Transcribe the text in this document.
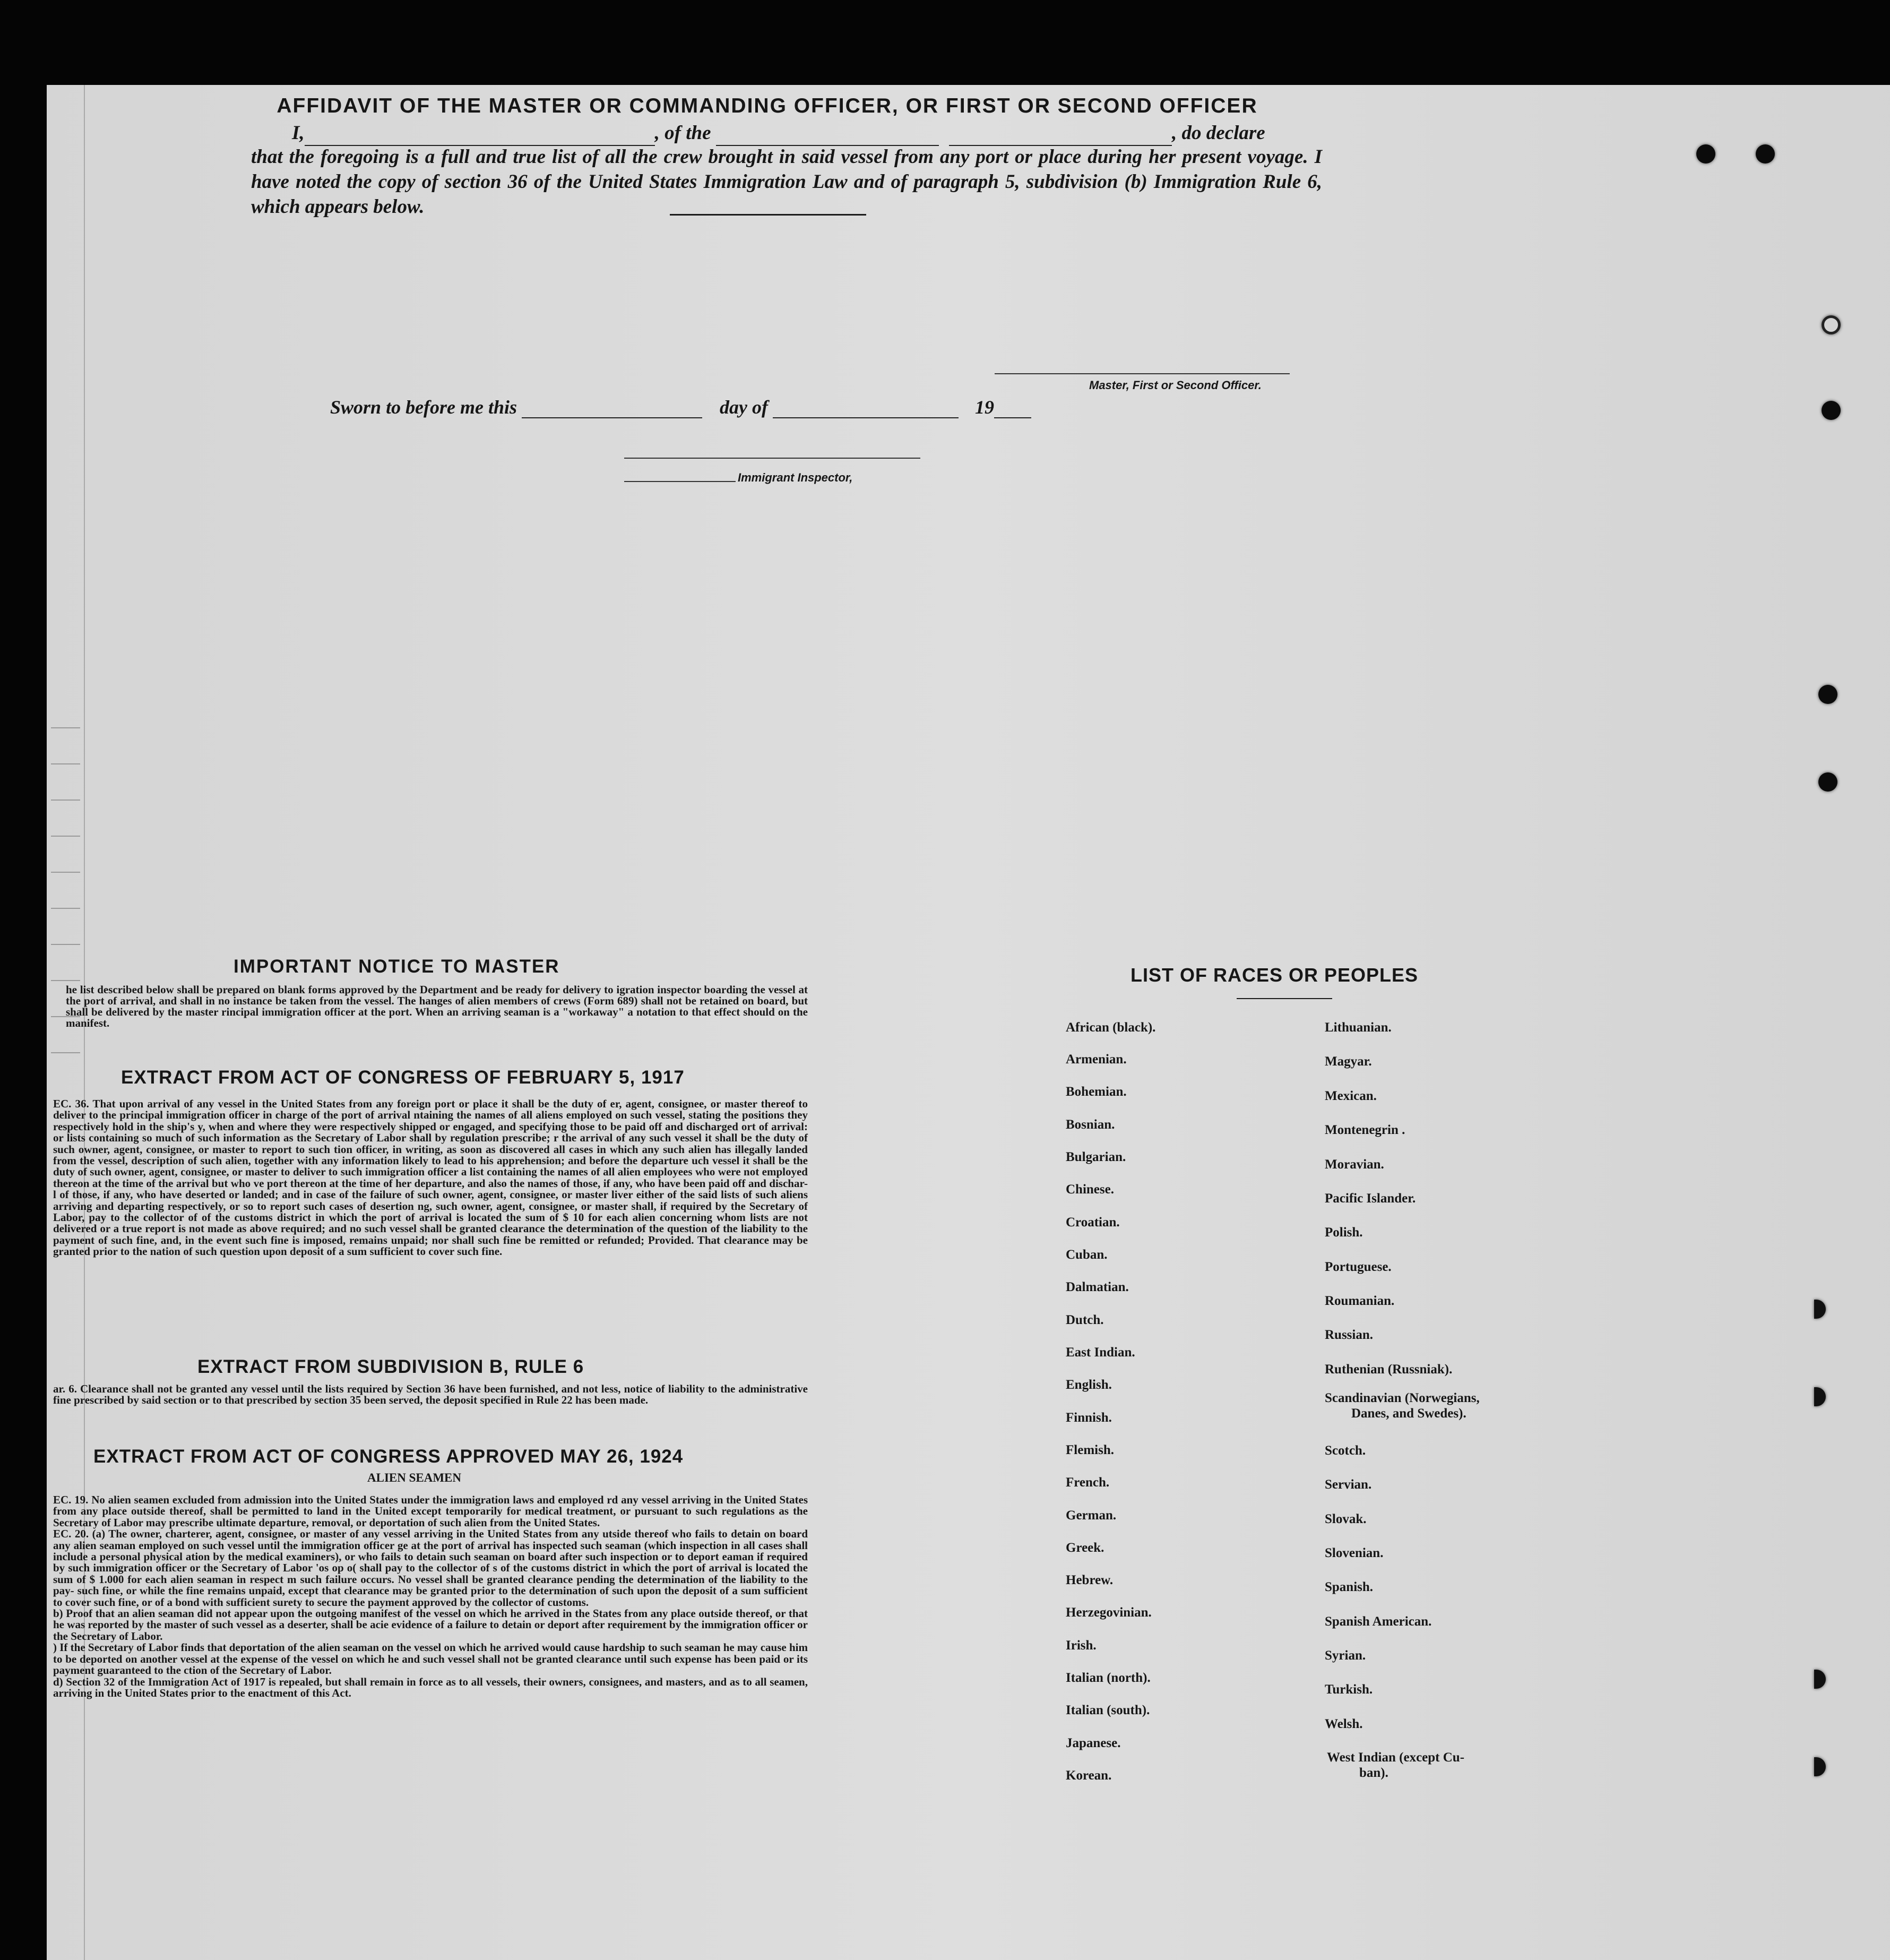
AFFIDAVIT OF THE MASTER OR COMMANDING OFFICER, OR FIRST OR SECOND OFFICER
I,	, of the	, do declare
that the foregoing is a full and true list of all the crew brought in said vessel from any port or place during her present voyage. I have noted the copy of section 36 of the United States Immigration Law and of paragraph 5, subdivision (b) Immigration Rule 6, which appears below.
Master, First or Second Officer.
Sworn to before me this	day of	19
Immigrant Inspector,
IMPORTANT NOTICE TO MASTER
he list described below shall be prepared on blank forms approved by the Department and be ready for delivery to igration inspector boarding the vessel at the port of arrival, and shall in no instance be taken from the vessel. The hanges of alien members of crews (Form 689) shall not be retained on board, but shall be delivered by the master rincipal immigration officer at the port. When an arriving seaman is a "workaway" a notation to that effect should on the manifest.
EXTRACT FROM ACT OF CONGRESS OF FEBRUARY 5, 1917
EC. 36. That upon arrival of any vessel in the United States from any foreign port or place it shall be the duty of er, agent, consignee, or master thereof to deliver to the principal immigration officer in charge of the port of arrival ntaining the names of all aliens employed on such vessel, stating the positions they respectively hold in the ship's y, when and where they were respectively shipped or engaged, and specifying those to be paid off and discharged ort of arrival: or lists containing so much of such information as the Secretary of Labor shall by regulation prescribe; r the arrival of any such vessel it shall be the duty of such owner, agent, consignee, or master to report to such tion officer, in writing, as soon as discovered all cases in which any such alien has illegally landed from the vessel, description of such alien, together with any information likely to lead to his apprehension; and before the departure uch vessel it shall be the duty of such owner, agent, consignee, or master to deliver to such immigration officer a list containing the names of all alien employees who were not employed thereon at the time of the arrival but who ve port thereon at the time of her departure, and also the names of those, if any, who have been paid off and dischar- l of those, if any, who have deserted or landed; and in case of the failure of such owner, agent, consignee, or master liver either of the said lists of such aliens arriving and departing respectively, or so to report such cases of desertion ng, such owner, agent, consignee, or master shall, if required by the Secretary of Labor, pay to the collector of of the customs district in which the port of arrival is located the sum of $ 10 for each alien concerning whom lists are not delivered or a true report is not made as above required; and no such vessel shall be granted clearance the determination of the question of the liability to the payment of such fine, and, in the event such fine is imposed, remains unpaid; nor shall such fine be remitted or refunded; Provided. That clearance may be granted prior to the nation of such question upon deposit of a sum sufficient to cover such fine.
EXTRACT FROM SUBDIVISION B, RULE 6
ar. 6. Clearance shall not be granted any vessel until the lists required by Section 36 have been furnished, and not less, notice of liability to the administrative fine prescribed by said section or to that prescribed by section 35 been served, the deposit specified in Rule 22 has been made.
EXTRACT FROM ACT OF CONGRESS APPROVED MAY 26, 1924
ALIEN SEAMEN

EC. 19. No alien seamen excluded from admission into the United States under the immigration laws and employed rd any vessel arriving in the United States from any place outside thereof, shall be permitted to land in the United except temporarily for medical treatment, or pursuant to such regulations as the Secretary of Labor may prescribe ultimate departure, removal, or deportation of such alien from the United States.

EC. 20. (a) The owner, charterer, agent, consignee, or master of any vessel arriving in the United States from any utside thereof who fails to detain on board any alien seaman employed on such vessel until the immigration officer ge at the port of arrival has inspected such seaman (which inspection in all cases shall include a personal physical ation by the medical examiners), or who fails to detain such seaman on board after such inspection or to deport eaman if required by such immigration officer or the Secretary of Labor 'os op o( shall pay to the collector of s of the customs district in which the port of arrival is located the sum of $ 1.000 for each alien seaman in respect m such failure occurs. No vessel shall be granted clearance pending the determination of the liability to the pay- such fine, or while the fine remains unpaid, except that clearance may be granted prior to the determination of such upon the deposit of a sum sufficient to cover such fine, or of a bond with sufficient surety to secure the payment approved by the collector of customs.

b) Proof that an alien seaman did not appear upon the outgoing manifest of the vessel on which he arrived in the States from any place outside thereof, or that he was reported by the master of such vessel as a deserter, shall be acie evidence of a failure to detain or deport after requirement by the immigration officer or the Secretary of Labor.

) If the Secretary of Labor finds that deportation of the alien seaman on the vessel on which he arrived would cause hardship to such seaman he may cause him to be deported on another vessel at the expense of the vessel on which he and such vessel shall not be granted clearance until such expense has been paid or its payment guaranteed to the ction of the Secretary of Labor.

d) Section 32 of the Immigration Act of 1917 is repealed, but shall remain in force as to all vessels, their owners, consignees, and masters, and as to all seamen, arriving in the United States prior to the enactment of this Act.

LIST OF RACES OR PEOPLES
African (black).
Armenian.
Bohemian.
Bosnian.
Bulgarian.
Chinese.
Croatian.
Cuban.
Dalmatian.
Dutch.
East Indian.
English.
Finnish.
Flemish.
French.
German.
Greek.
Hebrew.
Herzegovinian.
Irish.
Italian (north).
Italian (south).
Japanese.
Korean.
Lithuanian.
Magyar.
Mexican.
Montenegrin .
Moravian.
Pacific Islander.
Polish.
Portuguese.
Roumanian.
Russian.
Ruthenian (Russniak).
Scandinavian (Norwegians,
Danes, and Swedes).
Scotch.
Servian.
Slovak.
Slovenian.
Spanish.
Spanish American.
Syrian.
Turkish.
Welsh.
West Indian (except Cu-
ban).
